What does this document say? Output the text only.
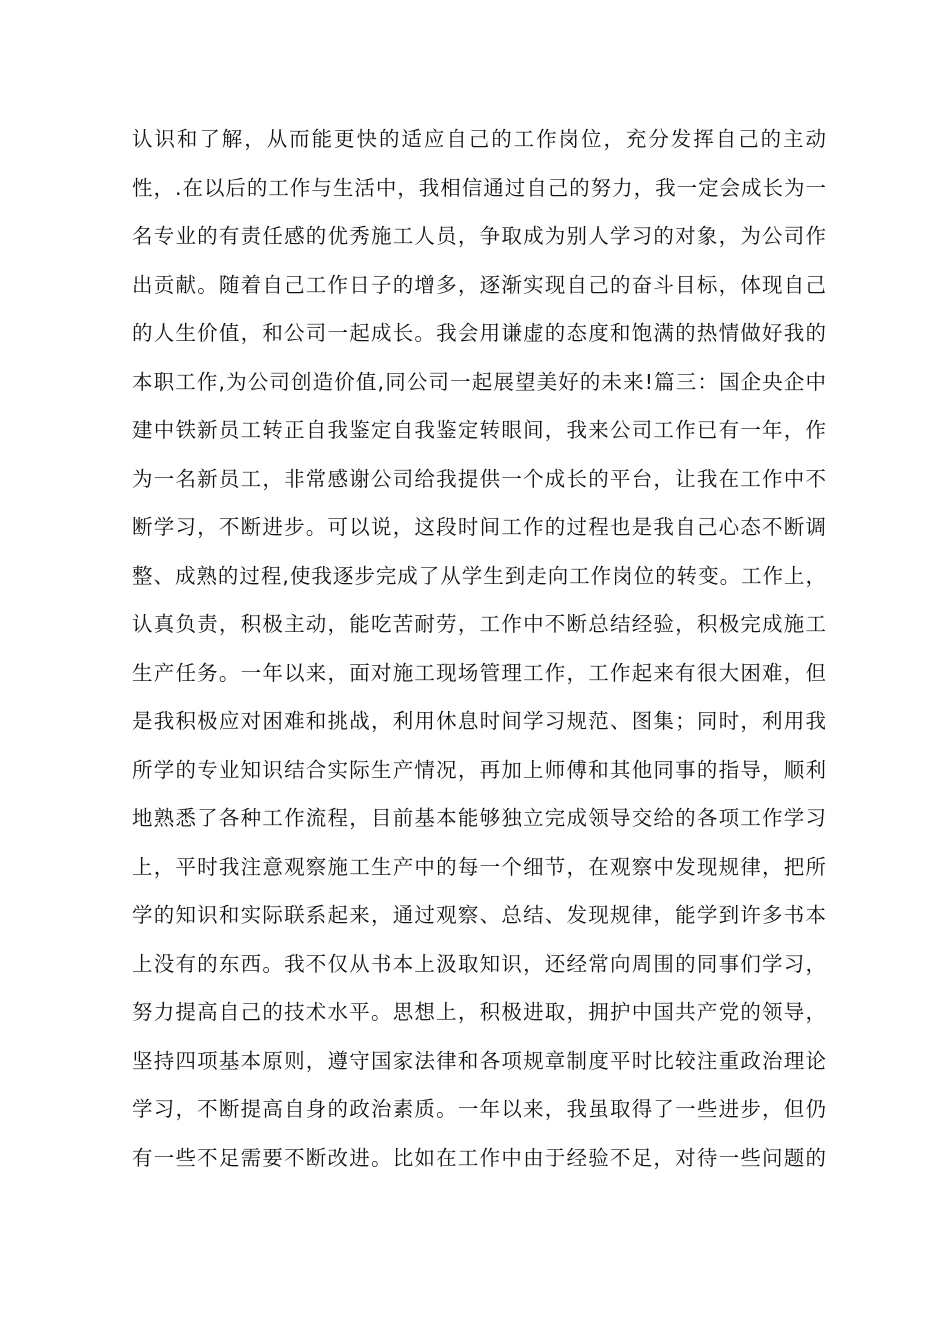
认识和了解，从而能更快的适应自己的工作岗位，充分发挥自己的主动
性，.在以后的工作与生活中，我相信通过自己的努力，我一定会成长为一
名专业的有责任感的优秀施工人员，争取成为别人学习的对象，为公司作
出贡献。随着自己工作日子的增多，逐渐实现自己的奋斗目标，体现自己
的人生价值，和公司一起成长。我会用谦虚的态度和饱满的热情做好我的
本职工作,为公司创造价值,同公司一起展望美好的未来!篇三：国企央企中
建中铁新员工转正自我鉴定自我鉴定转眼间，我来公司工作已有一年，作
为一名新员工，非常感谢公司给我提供一个成长的平台，让我在工作中不
断学习，不断进步。可以说，这段时间工作的过程也是我自己心态不断调
整、成熟的过程,使我逐步完成了从学生到走向工作岗位的转变。工作上，
认真负责，积极主动，能吃苦耐劳，工作中不断总结经验，积极完成施工
生产任务。一年以来，面对施工现场管理工作，工作起来有很大困难，但
是我积极应对困难和挑战，利用休息时间学习规范、图集；同时，利用我
所学的专业知识结合实际生产情况，再加上师傅和其他同事的指导，顺利
地熟悉了各种工作流程，目前基本能够独立完成领导交给的各项工作学习
上，平时我注意观察施工生产中的每一个细节，在观察中发现规律，把所
学的知识和实际联系起来，通过观察、总结、发现规律，能学到许多书本
上没有的东西。我不仅从书本上汲取知识，还经常向周围的同事们学习，
努力提高自己的技术水平。思想上，积极进取，拥护中国共产党的领导，
坚持四项基本原则，遵守国家法律和各项规章制度平时比较注重政治理论
学习，不断提高自身的政治素质。一年以来，我虽取得了一些进步，但仍
有一些不足需要不断改进。比如在工作中由于经验不足，对待一些问题的
